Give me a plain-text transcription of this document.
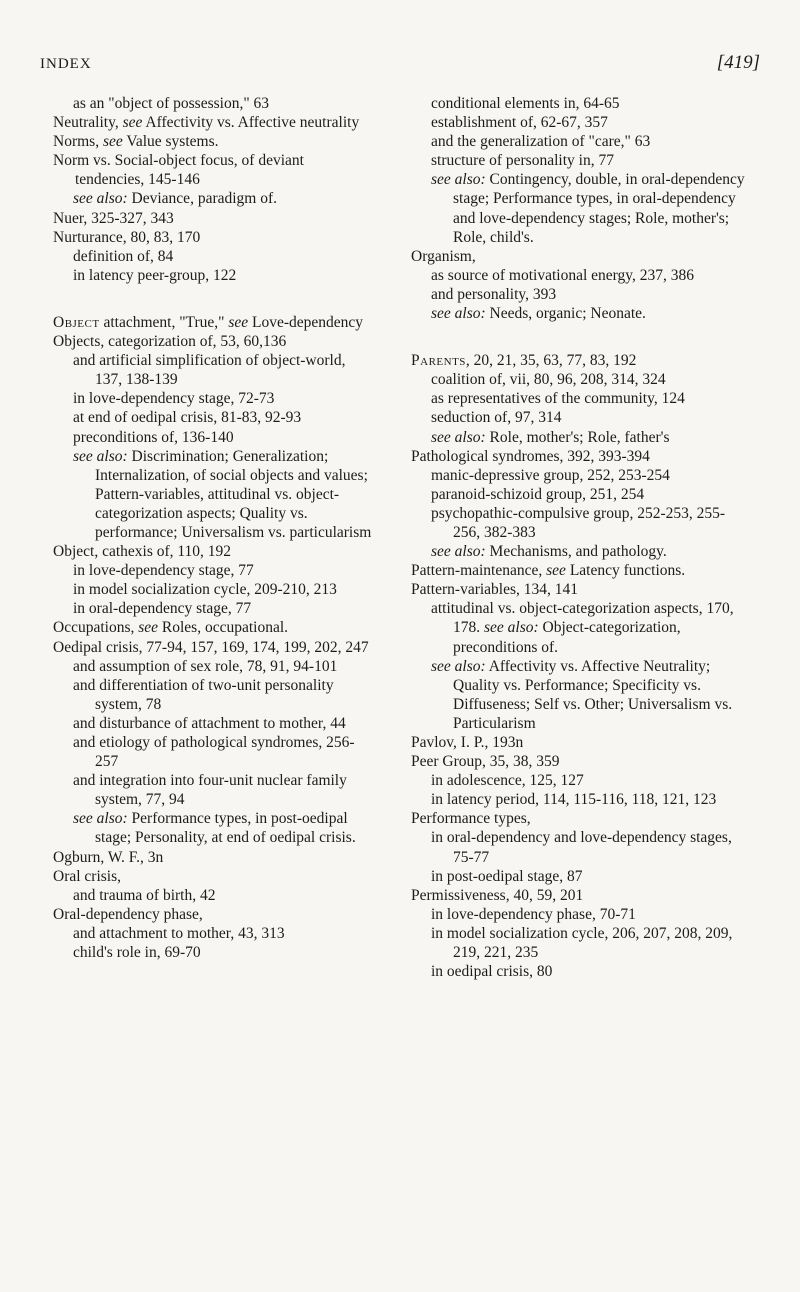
INDEX	[419]

as an "object of possession," 63

Neutrality, see Affectivity vs. Affective neutrality

Norms, see Value systems.

Norm vs. Social-object focus, of deviant tendencies, 145-146

see also: Deviance, paradigm of.

Nuer, 325-327, 343

Nurturance, 80, 83, 170

definition of, 84

in latency peer-group, 122

Object attachment, "True," see Love-dependency

Objects, categorization of, 53, 60,136

and artificial simplification of object-world, 137, 138-139

in love-dependency stage, 72-73

at end of oedipal crisis, 81-83, 92-93

preconditions of, 136-140

see also: Discrimination; Generalization; Internalization, of social objects and values; Pattern-variables, attitudinal vs. object-categorization aspects; Quality vs. performance; Universalism vs. particularism

Object, cathexis of, 110, 192

in love-dependency stage, 77

in model socialization cycle, 209-210, 213

in oral-dependency stage, 77

Occupations, see Roles, occupational.

Oedipal crisis, 77-94, 157, 169, 174, 199, 202, 247

and assumption of sex role, 78, 91, 94-101

and differentiation of two-unit personality system, 78

and disturbance of attachment to mother, 44

and etiology of pathological syndromes, 256-257

and integration into four-unit nuclear family system, 77, 94

see also: Performance types, in post-oedipal stage; Personality, at end of oedipal crisis.

Ogburn, W. F., 3n

Oral crisis,

and trauma of birth, 42

Oral-dependency phase,

and attachment to mother, 43, 313

child's role in, 69-70

conditional elements in, 64-65

establishment of, 62-67, 357

and the generalization of "care," 63

structure of personality in, 77

see also: Contingency, double, in oral-dependency stage; Performance types, in oral-dependency and love-dependency stages; Role, mother's; Role, child's.

Organism,

as source of motivational energy, 237, 386

and personality, 393

see also: Needs, organic; Neonate.

Parents, 20, 21, 35, 63, 77, 83, 192

coalition of, vii, 80, 96, 208, 314, 324

as representatives of the community, 124

seduction of, 97, 314

see also: Role, mother's; Role, father's

Pathological syndromes, 392, 393-394

manic-depressive group, 252, 253-254

paranoid-schizoid group, 251, 254

psychopathic-compulsive group, 252-253, 255-256, 382-383

see also: Mechanisms, and pathology.

Pattern-maintenance, see Latency functions.

Pattern-variables, 134, 141

attitudinal vs. object-categorization aspects, 170, 178. see also: Object-categorization, preconditions of.

see also: Affectivity vs. Affective Neutrality; Quality vs. Performance; Specificity vs. Diffuseness; Self vs. Other; Universalism vs. Particularism

Pavlov, I. P., 193n

Peer Group, 35, 38, 359

in adolescence, 125, 127

in latency period, 114, 115-116, 118, 121, 123

Performance types,

in oral-dependency and love-dependency stages, 75-77

in post-oedipal stage, 87

Permissiveness, 40, 59, 201

in love-dependency phase, 70-71

in model socialization cycle, 206, 207, 208, 209, 219, 221, 235

in oedipal crisis, 80
